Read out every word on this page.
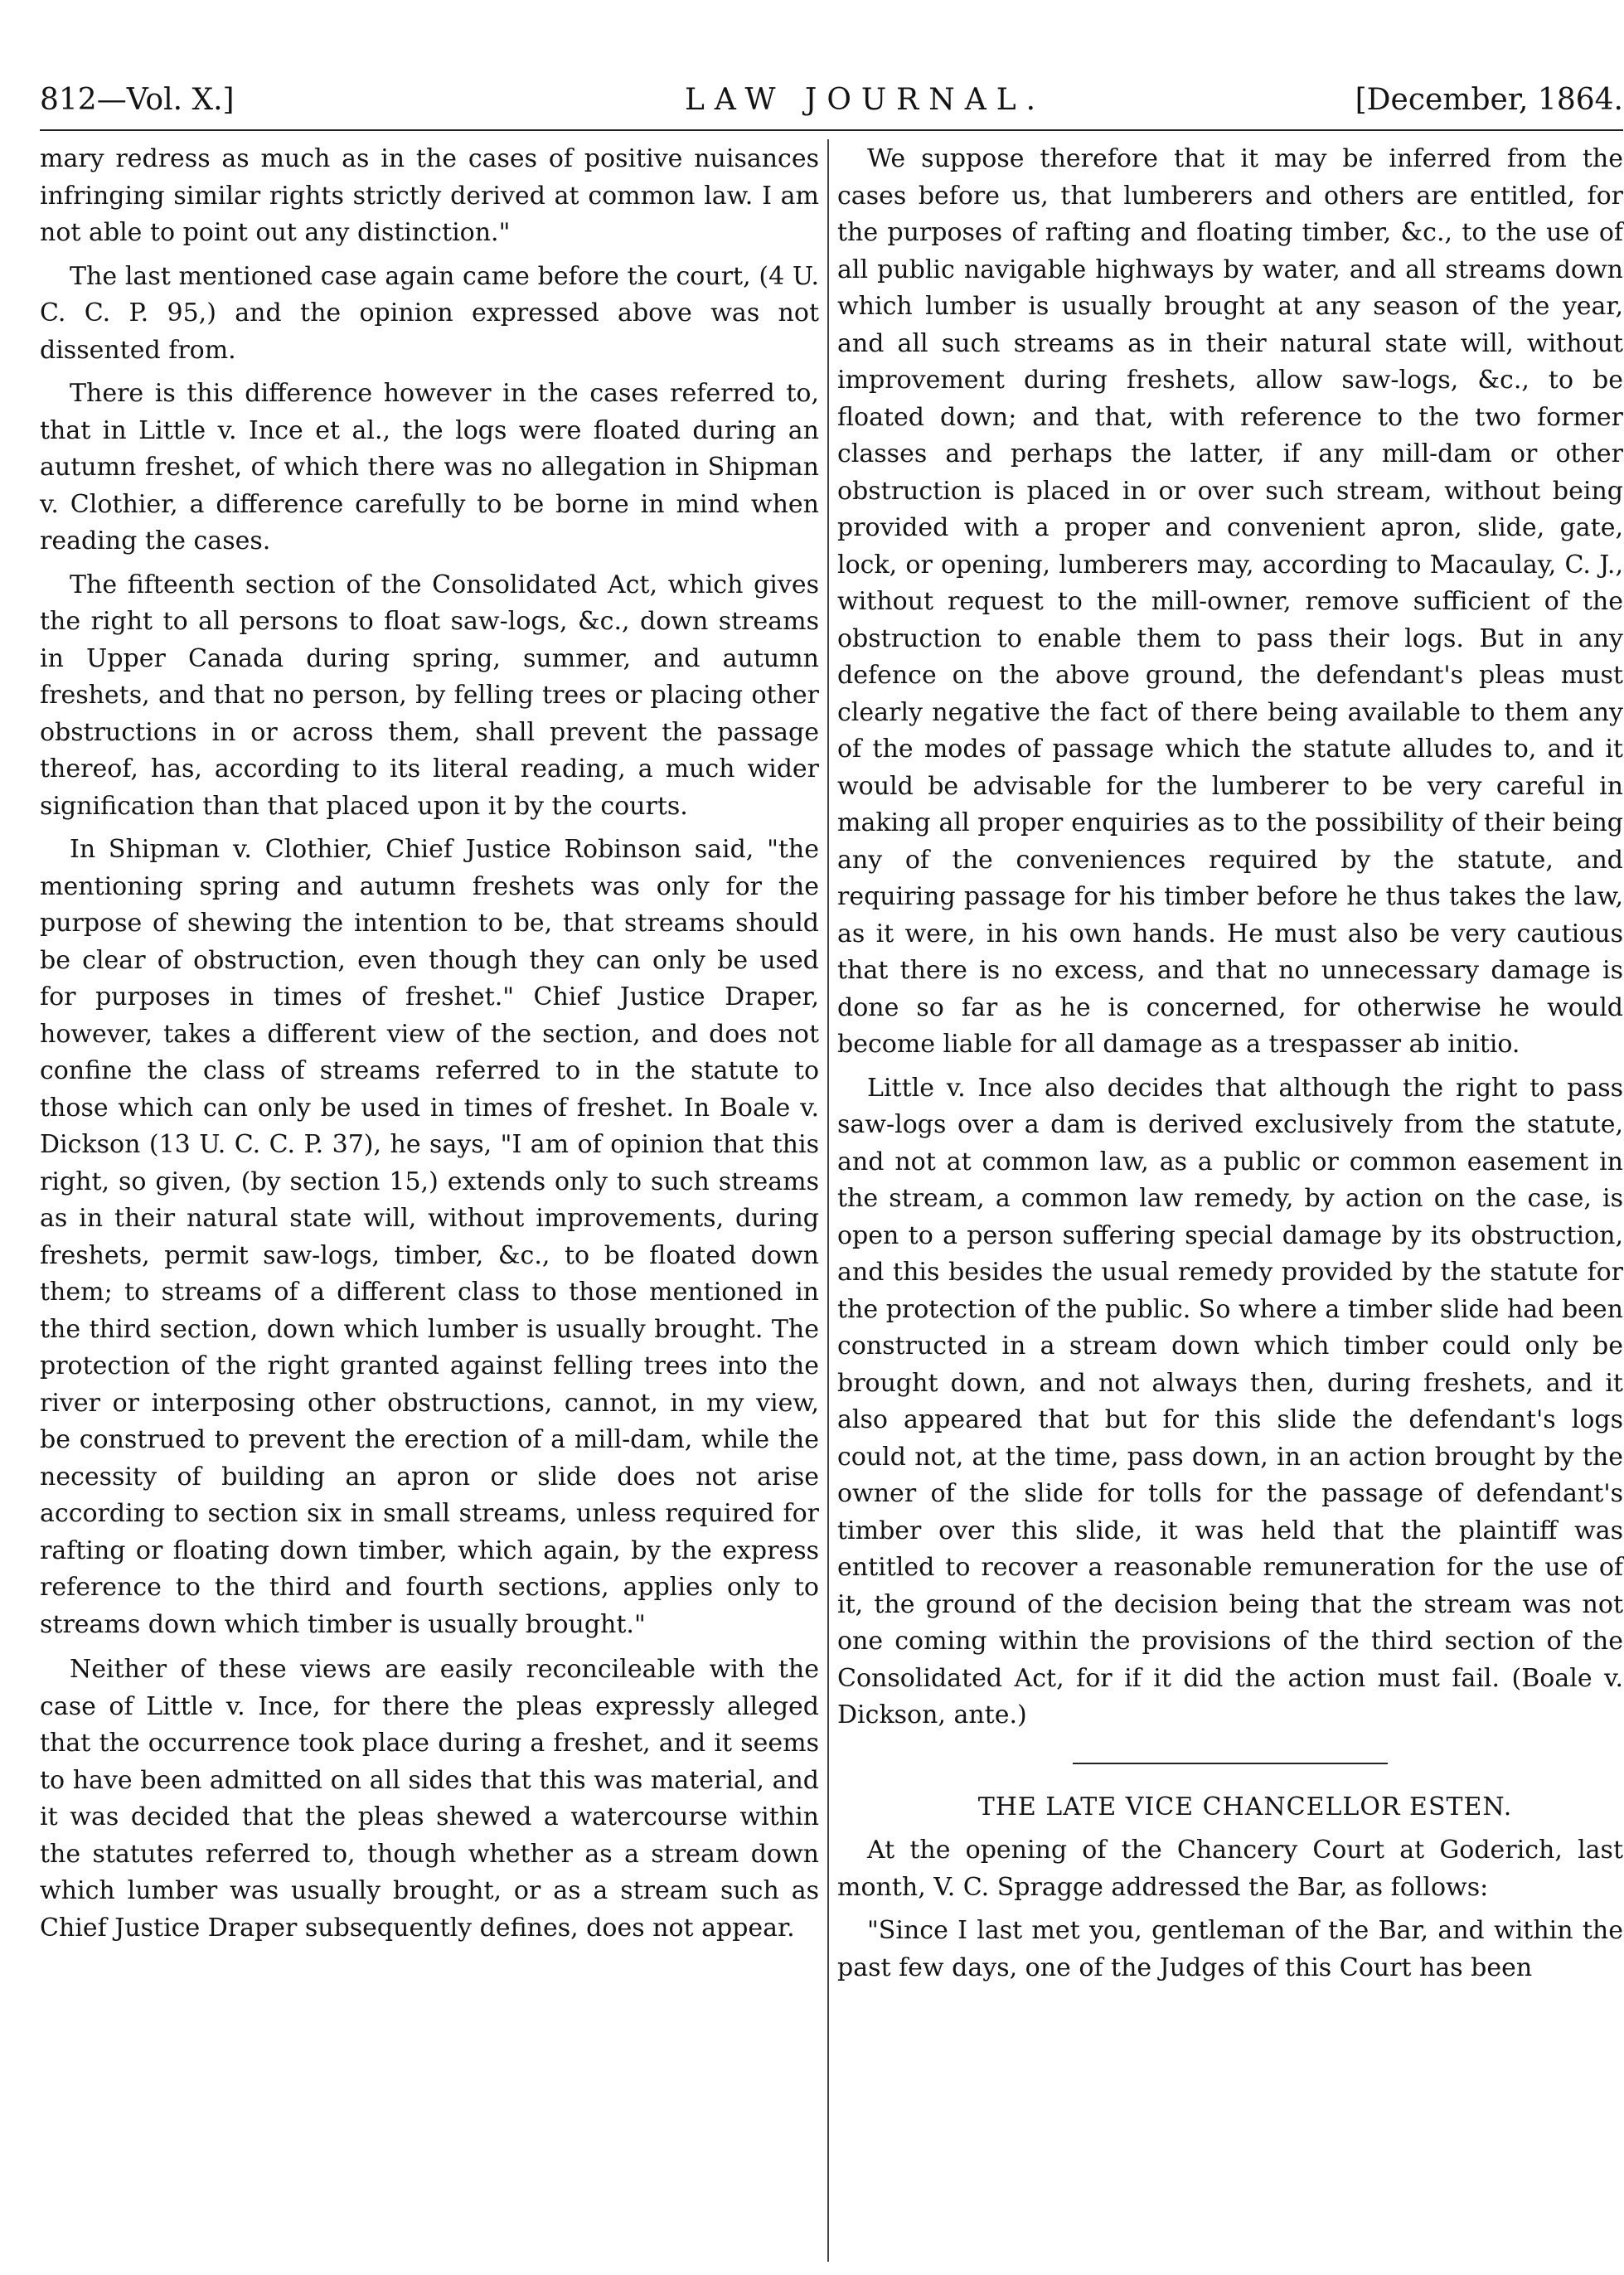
812—Vol. X.]	LAW JOURNAL.	[December, 1864.

mary redress as much as in the cases of positive nuisances infringing similar rights strictly derived at common law. I am not able to point out any distinction."

The last mentioned case again came before the court, (4 U. C. C. P. 95,) and the opinion expressed above was not dissented from.

There is this difference however in the cases referred to, that in Little v. Ince et al., the logs were floated during an autumn freshet, of which there was no allegation in Shipman v. Clothier, a difference carefully to be borne in mind when reading the cases.

The fifteenth section of the Consolidated Act, which gives the right to all persons to float saw-logs, &c., down streams in Upper Canada during spring, summer, and autumn freshets, and that no person, by felling trees or placing other obstructions in or across them, shall prevent the passage thereof, has, according to its literal reading, a much wider signification than that placed upon it by the courts.

In Shipman v. Clothier, Chief Justice Robinson said, "the mentioning spring and autumn freshets was only for the purpose of shewing the intention to be, that streams should be clear of obstruction, even though they can only be used for purposes in times of freshet." Chief Justice Draper, however, takes a different view of the section, and does not confine the class of streams referred to in the statute to those which can only be used in times of freshet. In Boale v. Dickson (13 U. C. C. P. 37), he says, "I am of opinion that this right, so given, (by section 15,) extends only to such streams as in their natural state will, without improvements, during freshets, permit saw-logs, timber, &c., to be floated down them; to streams of a different class to those mentioned in the third section, down which lumber is usually brought. The protection of the right granted against felling trees into the river or interposing other obstructions, cannot, in my view, be construed to prevent the erection of a mill-dam, while the necessity of building an apron or slide does not arise according to section six in small streams, unless required for rafting or floating down timber, which again, by the express reference to the third and fourth sections, applies only to streams down which timber is usually brought."

Neither of these views are easily reconcileable with the case of Little v. Ince, for there the pleas expressly alleged that the occurrence took place during a freshet, and it seems to have been admitted on all sides that this was material, and it was decided that the pleas shewed a watercourse within the statutes referred to, though whether as a stream down which lumber was usually brought, or as a stream such as Chief Justice Draper subsequently defines, does not appear.

We suppose therefore that it may be inferred from the cases before us, that lumberers and others are entitled, for the purposes of rafting and floating timber, &c., to the use of all public navigable highways by water, and all streams down which lumber is usually brought at any season of the year, and all such streams as in their natural state will, without improvement during freshets, allow saw-logs, &c., to be floated down; and that, with reference to the two former classes and perhaps the latter, if any mill-dam or other obstruction is placed in or over such stream, without being provided with a proper and convenient apron, slide, gate, lock, or opening, lumberers may, according to Macaulay, C. J., without request to the mill-owner, remove sufficient of the obstruction to enable them to pass their logs. But in any defence on the above ground, the defendant's pleas must clearly negative the fact of there being available to them any of the modes of passage which the statute alludes to, and it would be advisable for the lumberer to be very careful in making all proper enquiries as to the possibility of their being any of the conveniences required by the statute, and requiring passage for his timber before he thus takes the law, as it were, in his own hands. He must also be very cautious that there is no excess, and that no unnecessary damage is done so far as he is concerned, for otherwise he would become liable for all damage as a trespasser ab initio.

Little v. Ince also decides that although the right to pass saw-logs over a dam is derived exclusively from the statute, and not at common law, as a public or common easement in the stream, a common law remedy, by action on the case, is open to a person suffering special damage by its obstruction, and this besides the usual remedy provided by the statute for the protection of the public. So where a timber slide had been constructed in a stream down which timber could only be brought down, and not always then, during freshets, and it also appeared that but for this slide the defendant's logs could not, at the time, pass down, in an action brought by the owner of the slide for tolls for the passage of defendant's timber over this slide, it was held that the plaintiff was entitled to recover a reasonable remuneration for the use of it, the ground of the decision being that the stream was not one coming within the provisions of the third section of the Consolidated Act, for if it did the action must fail. (Boale v. Dickson, ante.)

THE LATE VICE CHANCELLOR ESTEN.

At the opening of the Chancery Court at Goderich, last month, V. C. Spragge addressed the Bar, as follows:

"Since I last met you, gentleman of the Bar, and within the past few days, one of the Judges of this Court has been
